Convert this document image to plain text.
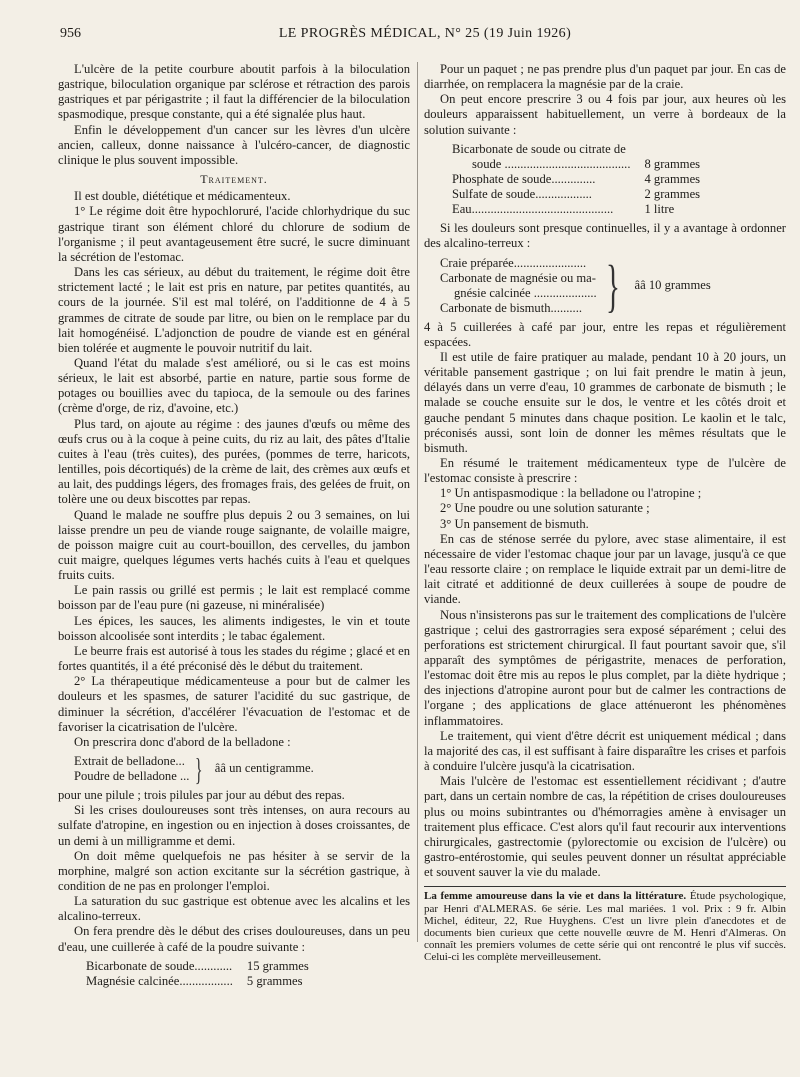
956	LE PROGRÈS MÉDICAL, N° 25 (19 Juin 1926)

L'ulcère de la petite courbure aboutit parfois à la biloculation gastrique, biloculation organique par sclérose et rétraction des parois gastriques et par périgastrite ; il faut la différencier de la biloculation spasmodique, presque constante, qui a été signalée plus haut.

Enfin le développement d'un cancer sur les lèvres d'un ulcère ancien, calleux, donne naissance à l'ulcéro-cancer, de diagnostic clinique le plus souvent impossible.

Traitement.

Il est double, diététique et médicamenteux.

1° Le régime doit être hypochloruré, l'acide chlorhydrique du suc gastrique tirant son élément chloré du chlorure de sodium de l'organisme ; il peut avantageusement être sucré, le sucre diminuant la sécrétion de l'estomac.

Dans les cas sérieux, au début du traitement, le régime doit être strictement lacté ; le lait est pris en nature, par petites quantités, au cours de la journée. S'il est mal toléré, on l'additionne de 4 à 5 grammes de citrate de soude par litre, ou bien on le remplace par du lait homogénéisé. L'adjonction de poudre de viande est en général bien tolérée et augmente le pouvoir nutritif du lait.

Quand l'état du malade s'est amélioré, ou si le cas est moins sérieux, le lait est absorbé, partie en nature, partie sous forme de potages ou bouillies avec du tapioca, de la semoule ou des farines (crème d'orge, de riz, d'avoine, etc.)

Plus tard, on ajoute au régime : des jaunes d'œufs ou même des œufs crus ou à la coque à peine cuits, du riz au lait, des pâtes d'Italie cuites à l'eau (très cuites), des purées, (pommes de terre, haricots, lentilles, pois décortiqués) de la crème de lait, des crèmes aux œufs et au lait, des puddings légers, des fromages frais, des gelées de fruit, on tolère une ou deux biscottes par repas.

Quand le malade ne souffre plus depuis 2 ou 3 semaines, on lui laisse prendre un peu de viande rouge saignante, de volaille maigre, de poisson maigre cuit au court-bouillon, des cervelles, du jambon cuit maigre, quelques légumes verts hachés cuits à l'eau et quelques fruits cuits.

Le pain rassis ou grillé est permis ; le lait est remplacé comme boisson par de l'eau pure (ni gazeuse, ni minéralisée)

Les épices, les sauces, les aliments indigestes, le vin et toute boisson alcoolisée sont interdits ; le tabac également.

Le beurre frais est autorisé à tous les stades du régime ; glacé et en fortes quantités, il a été préconisé dès le début du traitement.

2° La thérapeutique médicamenteuse a pour but de calmer les douleurs et les spasmes, de saturer l'acidité du suc gastrique, de diminuer la sécrétion, d'accélérer l'évacuation de l'estomac et de favoriser la cicatrisation de l'ulcère.

On prescrira donc d'abord de la belladone :

Extrait de belladone...
Poudre de belladone ... } ââ un centigramme.

pour une pilule ; trois pilules par jour au début des repas.

Si les crises douloureuses sont très intenses, on aura recours au sulfate d'atropine, en ingestion ou en injection à doses croissantes, de un demi à un milligramme et demi.

On doit même quelquefois ne pas hésiter à se servir de la morphine, malgré son action excitante sur la sécrétion gastrique, à condition de ne pas en prolonger l'emploi.

La saturation du suc gastrique est obtenue avec les alcalins et les alcalino-terreux.

On fera prendre dès le début des crises douloureuses, dans un peu d'eau, une cuillerée à café de la poudre suivante :

Bicarbonate de soude............	15 grammes
Magnésie calcinée.................	5 grammes

Pour un paquet ; ne pas prendre plus d'un paquet par jour. En cas de diarrhée, on remplacera la magnésie par de la craie.

On peut encore prescrire 3 ou 4 fois par jour, aux heures où les douleurs apparaissent habituellement, un verre à bordeaux de la solution suivante :

Bicarbonate de soude ou citrate de	
soude ........................................	8 grammes
Phosphate de soude..............	4 grammes
Sulfate de soude..................	2 grammes
Eau.............................................	1 litre

Si les douleurs sont presque continuelles, il y a avantage à ordonner des alcalino-terreux :

Craie préparée.......................
Carbonate de magnésie ou ma-
gnésie calcinée ....................
Carbonate de bismuth.......... } ââ 10 grammes

4 à 5 cuillerées à café par jour, entre les repas et régulièrement espacées.

Il est utile de faire pratiquer au malade, pendant 10 à 20 jours, un véritable pansement gastrique ; on lui fait prendre le matin à jeun, délayés dans un verre d'eau, 10 grammes de carbonate de bismuth ; le malade se couche ensuite sur le dos, le ventre et les côtés droit et gauche pendant 5 minutes dans chaque position. Le kaolin et le talc, préconisés aussi, sont loin de donner les mêmes résultats que le bismuth.

En résumé le traitement médicamenteux type de l'ulcère de l'estomac consiste à prescrire :

1° Un antispasmodique : la belladone ou l'atropine ;

2° Une poudre ou une solution saturante ;

3° Un pansement de bismuth.

En cas de sténose serrée du pylore, avec stase alimentaire, il est nécessaire de vider l'estomac chaque jour par un lavage, jusqu'à ce que l'eau ressorte claire ; on remplace le liquide extrait par un demi-litre de lait citraté et additionné de deux cuillerées à soupe de poudre de viande.

Nous n'insisterons pas sur le traitement des complications de l'ulcère gastrique ; celui des gastrorragies sera exposé séparément ; celui des perforations est strictement chirurgical. Il faut pourtant savoir que, s'il apparaît des symptômes de périgastrite, menaces de perforation, l'estomac doit être mis au repos le plus complet, par la diète hydrique ; des injections d'atropine auront pour but de calmer les contractions de l'organe ; des applications de glace atténueront les phénomènes inflammatoires.

Le traitement, qui vient d'être décrit est uniquement médical ; dans la majorité des cas, il est suffisant à faire disparaître les crises et parfois à conduire l'ulcère jusqu'à la cicatrisation.

Mais l'ulcère de l'estomac est essentiellement récidivant ; d'autre part, dans un certain nombre de cas, la répétition de crises douloureuses plus ou moins subintrantes ou d'hémorragies amène à envisager un traitement plus efficace. C'est alors qu'il faut recourir aux interventions chirurgicales, gastrectomie (pylorectomie ou excision de l'ulcère) ou gastro-entérostomie, qui seules peuvent donner un résultat appréciable et souvent sauver la vie du malade.

La femme amoureuse dans la vie et dans la littérature. Étude psychologique, par Henri d'ALMERAS. 6e série. Les mal mariées. 1 vol. Prix : 9 fr. Albin Michel, éditeur, 22, Rue Huyghens. C'est un livre plein d'anecdotes et de documents bien curieux que cette nouvelle œuvre de M. Henri d'Almeras. On connaît les premiers volumes de cette série qui ont rencontré le plus vif succès. Celui-ci les complète merveilleusement.
